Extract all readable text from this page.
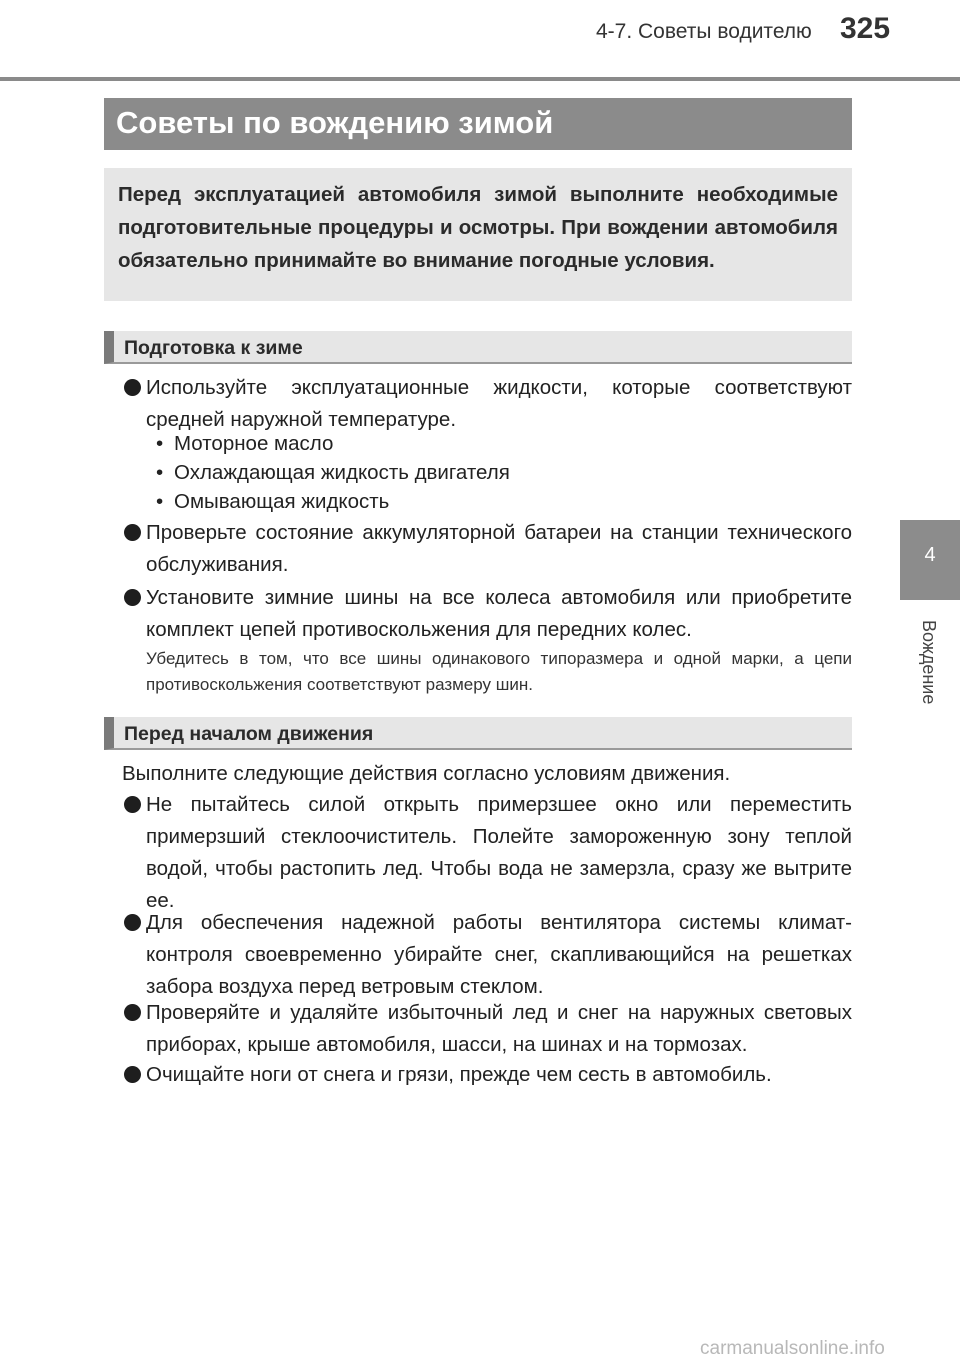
4-7. Советы водителю 325
4
Вождение
Советы по вождению зимой
Перед эксплуатацией автомобиля зимой выполните необходимые подготовительные процедуры и осмотры. При вождении автомобиля обязательно принимайте во внимание погодные условия.
Подготовка к зиме
Используйте эксплуатационные жидкости, которые соответствуют средней наружной температуре.
• Моторное масло
• Охлаждающая жидкость двигателя
• Омывающая жидкость
Проверьте состояние аккумуляторной батареи на станции технического обслуживания.
Установите зимние шины на все колеса автомобиля или приобретите комплект цепей противоскольжения для передних колес.
Убедитесь в том, что все шины одинакового типоразмера и одной марки, а цепи противоскольжения соответствуют размеру шин.
Перед началом движения
Выполните следующие действия согласно условиям движения.
Не пытайтесь силой открыть примерзшее окно или переместить примерзший стеклоочиститель. Полейте замороженную зону теплой водой, чтобы растопить лед. Чтобы вода не замерзла, сразу же вытрите ее.
Для обеспечения надежной работы вентилятора системы климат-контроля своевременно убирайте снег, скапливающийся на решетках забора воздуха перед ветровым стеклом.
Проверяйте и удаляйте избыточный лед и снег на наружных световых приборах, крыше автомобиля, шасси, на шинах и на тормозах.
Очищайте ноги от снега и грязи, прежде чем сесть в автомобиль.
carmanualsonline.info
